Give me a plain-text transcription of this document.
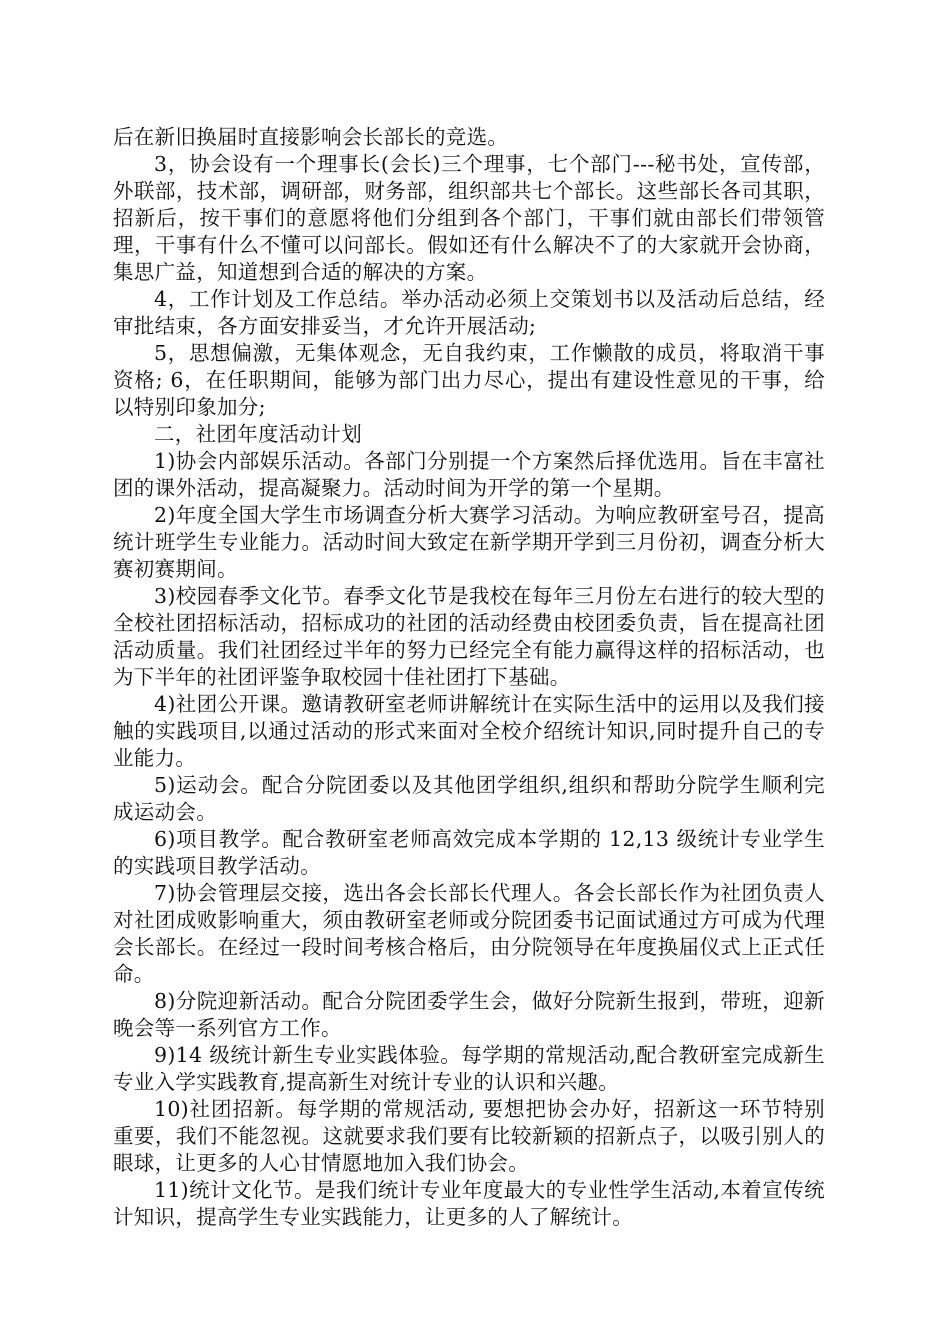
后在新旧换届时直接影响会长部长的竞选。

3，协会设有一个理事长(会长)三个理事，七个部门---秘书处，宣传部，外联部，技术部，调研部，财务部，组织部共七个部长。这些部长各司其职，招新后，按干事们的意愿将他们分组到各个部门，干事们就由部长们带领管理，干事有什么不懂可以问部长。假如还有什么解决不了的大家就开会协商，集思广益，知道想到合适的解决的方案。

4，工作计划及工作总结。举办活动必须上交策划书以及活动后总结，经审批结束，各方面安排妥当，才允许开展活动;

5，思想偏激，无集体观念，无自我约束，工作懒散的成员，将取消干事资格; 6，在任职期间，能够为部门出力尽心，提出有建设性意见的干事，给以特别印象加分;

二，社团年度活动计划

1)协会内部娱乐活动。各部门分别提一个方案然后择优选用。旨在丰富社团的课外活动，提高凝聚力。活动时间为开学的第一个星期。

2)年度全国大学生市场调查分析大赛学习活动。为响应教研室号召，提高统计班学生专业能力。活动时间大致定在新学期开学到三月份初，调查分析大赛初赛期间。

3)校园春季文化节。春季文化节是我校在每年三月份左右进行的较大型的全校社团招标活动，招标成功的社团的活动经费由校团委负责，旨在提高社团活动质量。我们社团经过半年的努力已经完全有能力赢得这样的招标活动，也为下半年的社团评鉴争取校园十佳社团打下基础。

4)社团公开课。邀请教研室老师讲解统计在实际生活中的运用以及我们接触的实践项目,以通过活动的形式来面对全校介绍统计知识,同时提升自己的专业能力。

5)运动会。配合分院团委以及其他团学组织,组织和帮助分院学生顺利完成运动会。

6)项目教学。配合教研室老师高效完成本学期的 12,13 级统计专业学生的实践项目教学活动。

7)协会管理层交接，选出各会长部长代理人。各会长部长作为社团负责人对社团成败影响重大，须由教研室老师或分院团委书记面试通过方可成为代理会长部长。在经过一段时间考核合格后，由分院领导在年度换届仪式上正式任命。

8)分院迎新活动。配合分院团委学生会，做好分院新生报到，带班，迎新晚会等一系列官方工作。

9)14 级统计新生专业实践体验。每学期的常规活动,配合教研室完成新生专业入学实践教育,提高新生对统计专业的认识和兴趣。

10)社团招新。每学期的常规活动, 要想把协会办好，招新这一环节特别重要，我们不能忽视。这就要求我们要有比较新颖的招新点子，以吸引别人的眼球，让更多的人心甘情愿地加入我们协会。

11)统计文化节。是我们统计专业年度最大的专业性学生活动,本着宣传统计知识，提高学生专业实践能力，让更多的人了解统计。
